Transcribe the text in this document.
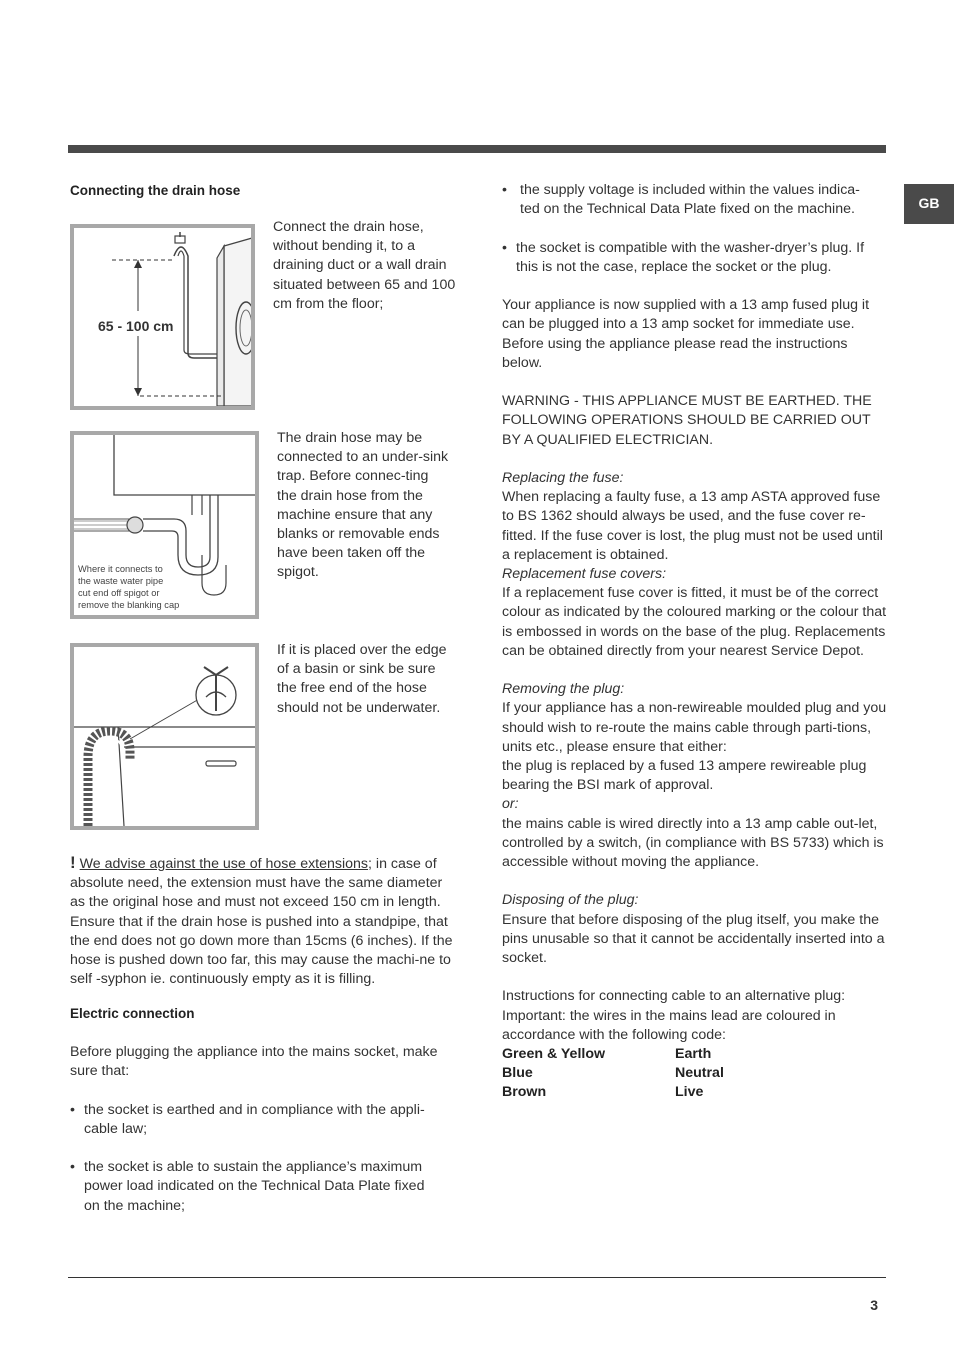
GB
Connecting the drain hose
65 - 100 cm
Connect the drain hose, without bending it, to a draining duct or a wall drain situated between 65 and 100 cm from the floor;
Where it connects to
the waste water pipe
cut end off spigot or
remove the blanking cap
The drain hose may be connected to an under-sink trap. Before connec-ting the drain hose from the machine ensure that any blanks or removable ends have been taken off the spigot.
If it is placed over the edge of a basin or sink be sure the free end of the hose should not be underwater.

! We advise against the use of hose extensions; in case of absolute need, the extension must have the same diameter as the original hose and must not exceed 150 cm in length. Ensure that if the drain hose is pushed into a standpipe, that the end does not go down more than 15cms (6 inches). If the hose is pushed down too far, this may cause the machi-ne to self -syphon ie. continuously empty as it is filling.

Electric connection

Before plugging the appliance into the mains socket, make sure that:

• the socket is earthed and in compliance with the appli-cable law;
• the socket is able to sustain the appliance’s maximum power load indicated on the Technical Data Plate fixed on the machine;
• the supply voltage is included within the values indica-ted on the Technical Data Plate fixed on the machine.
• the socket is compatible with the washer-dryer’s plug. If this is not the case, replace the socket or the plug.

Your appliance is now supplied with a 13 amp fused plug it can be plugged into a 13 amp socket for immediate use. Before using the appliance please read the instructions below.

WARNING - THIS APPLIANCE MUST BE EARTHED. THE FOLLOWING OPERATIONS SHOULD BE CARRIED OUT BY A QUALIFIED ELECTRICIAN.

Replacing the fuse:

When replacing a faulty fuse, a 13 amp ASTA approved fuse to BS 1362 should always be used, and the fuse cover re-fitted. If the fuse cover is lost, the plug must not be used until a replacement is obtained.

Replacement fuse covers:

If a replacement fuse cover is fitted, it must be of the correct colour as indicated by the coloured marking or the colour that is embossed in words on the base of the plug. Replacements can be obtained directly from your nearest Service Depot.

Removing the plug:

If your appliance has a non-rewireable moulded plug and you should wish to re-route the mains cable through parti-tions, units etc., please ensure that either:

the plug is replaced by a fused 13 ampere rewireable plug bearing the BSI mark of approval.

or:

the mains cable is wired directly into a 13 amp cable out-let, controlled by a switch, (in compliance with BS 5733) which is accessible without moving the appliance.

Disposing of the plug:

Ensure that before disposing of the plug itself, you make the pins unusable so that it cannot be accidentally inserted into a socket.

Instructions for connecting cable to an alternative plug:

Important: the wires in the mains lead are coloured in accordance with the following code:

Green & Yellow	Earth
Blue	Neutral
Brown	Live
3
